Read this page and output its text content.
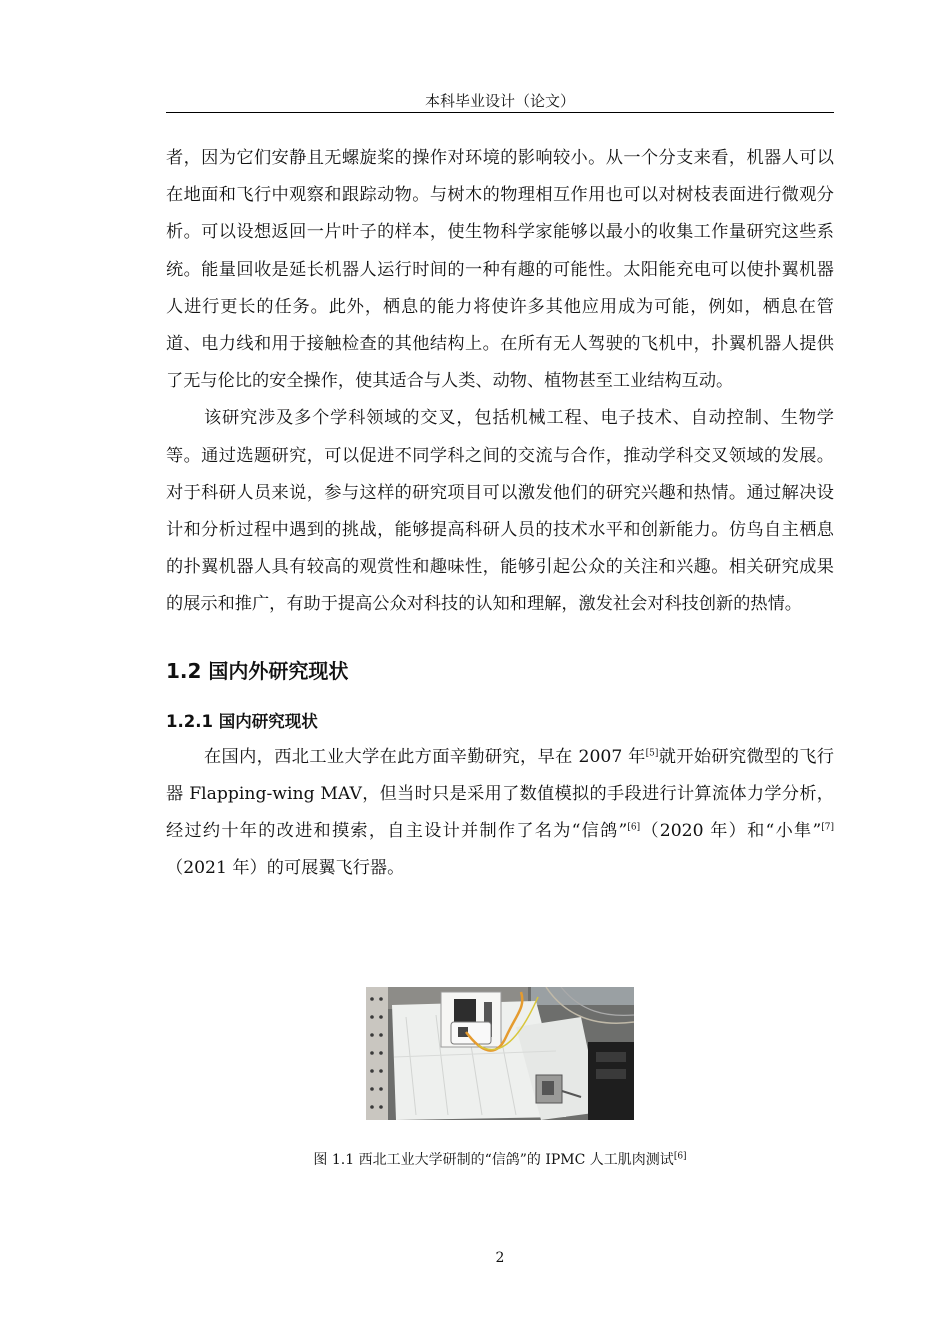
本科毕业设计（论文）

者，因为它们安静且无螺旋桨的操作对环境的影响较小。从一个分支来看，机器人可以在地面和飞行中观察和跟踪动物。与树木的物理相互作用也可以对树枝表面进行微观分析。可以设想返回一片叶子的样本，使生物科学家能够以最小的收集工作量研究这些系统。能量回收是延长机器人运行时间的一种有趣的可能性。太阳能充电可以使扑翼机器人进行更长的任务。此外，栖息的能力将使许多其他应用成为可能，例如，栖息在管道、电力线和用于接触检查的其他结构上。在所有无人驾驶的飞机中，扑翼机器人提供了无与伦比的安全操作，使其适合与人类、动物、植物甚至工业结构互动。

该研究涉及多个学科领域的交叉，包括机械工程、电子技术、自动控制、生物学等。通过选题研究，可以促进不同学科之间的交流与合作，推动学科交叉领域的发展。对于科研人员来说，参与这样的研究项目可以激发他们的研究兴趣和热情。通过解决设计和分析过程中遇到的挑战，能够提高科研人员的技术水平和创新能力。仿鸟自主栖息的扑翼机器人具有较高的观赏性和趣味性，能够引起公众的关注和兴趣。相关研究成果的展示和推广，有助于提高公众对科技的认知和理解，激发社会对科技创新的热情。

1.2 国内外研究现状
1.2.1 国内研究现状

在国内，西北工业大学在此方面辛勤研究，早在 2007 年[5]就开始研究微型的飞行器 Flapping-wing MAV，但当时只是采用了数值模拟的手段进行计算流体力学分析，经过约十年的改进和摸索，自主设计并制作了名为“信鸽”[6]（2020 年）和“小隼”[7]（2021 年）的可展翼飞行器。

图 1.1 西北工业大学研制的“信鸽”的 IPMC 人工肌肉测试[6]
2
